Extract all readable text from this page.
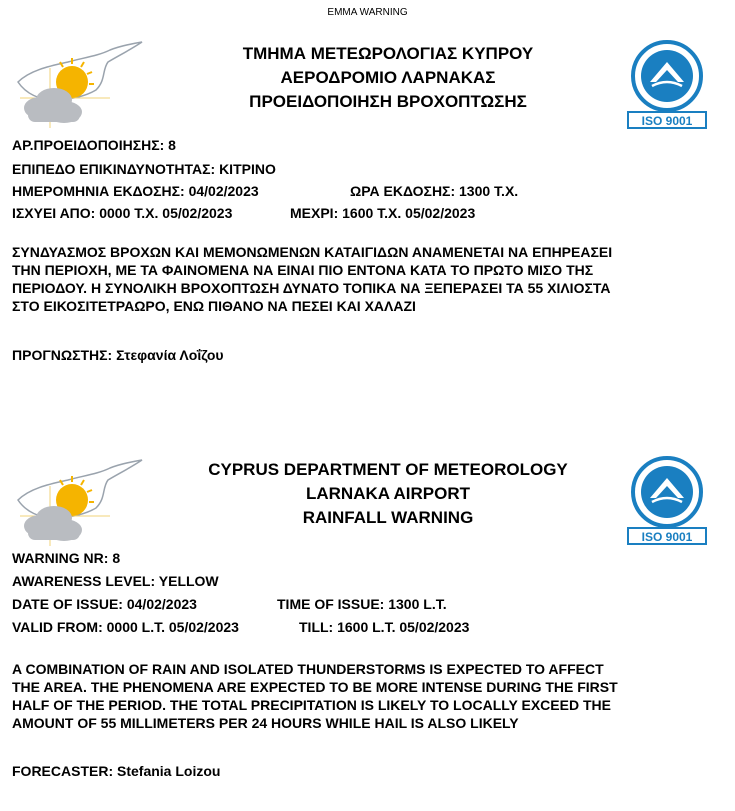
EMMA WARNING
ΤΜΗΜΑ ΜΕΤΕΩΡΟΛΟΓΙΑΣ ΚΥΠΡΟΥ
ΑΕΡΟΔΡΟΜΙΟ ΛΑΡΝΑΚΑΣ
ΠΡΟΕΙΔΟΠΟΙΗΣΗ ΒΡΟΧΟΠΤΩΣΗΣ
ISO 9001
ΑΡ.ΠΡΟΕΙΔΟΠΟΙΗΣΗΣ: 8
ΕΠΙΠΕΔΟ ΕΠΙΚΙΝΔΥΝΟΤΗΤΑΣ: ΚΙΤΡΙΝΟ
ΗΜΕΡΟΜΗΝΙΑ ΕΚΔΟΣΗΣ: 04/02/2023	ΩΡΑ ΕΚΔΟΣΗΣ: 1300 Τ.Χ.
ΙΣΧΥΕΙ ΑΠΟ: 0000 Τ.Χ. 05/02/2023	ΜΕΧΡΙ: 1600 Τ.Χ. 05/02/2023
ΣΥΝΔΥΑΣΜΟΣ ΒΡΟΧΩΝ ΚΑΙ ΜΕΜΟΝΩΜΕΝΩΝ ΚΑΤΑΙΓΙΔΩΝ ΑΝΑΜΕΝΕΤΑΙ ΝΑ ΕΠΗΡΕΑΣΕΙ
ΤΗΝ ΠΕΡΙΟΧΗ, ΜΕ ΤΑ ΦΑΙΝΟΜΕΝΑ ΝΑ ΕΙΝΑΙ ΠΙΟ ΕΝΤΟΝΑ ΚΑΤΑ ΤΟ ΠΡΩΤΟ ΜΙΣΟ ΤΗΣ
ΠΕΡΙΟΔΟΥ. Η ΣΥΝΟΛΙΚΗ ΒΡΟΧΟΠΤΩΣΗ ΔΥΝΑΤΟ ΤΟΠΙΚΑ ΝΑ ΞΕΠΕΡΑΣΕΙ ΤΑ 55 ΧΙΛΙΟΣΤΑ
ΣΤΟ ΕΙΚΟΣΙΤΕΤΡΑΩΡΟ, ΕΝΩ ΠΙΘΑΝΟ ΝΑ ΠΕΣΕΙ ΚΑΙ ΧΑΛΑΖΙ
ΠΡΟΓΝΩΣΤΗΣ: Στεφανία Λοΐζου
CYPRUS DEPARTMENT OF METEOROLOGY
LARNAKA AIRPORT
RAINFALL WARNING
ISO 9001
WARNING NR: 8
AWARENESS LEVEL: YELLOW
DATE OF ISSUE: 04/02/2023	TIME OF ISSUE: 1300 L.T.
VALID FROM: 0000 L.T. 05/02/2023	TILL: 1600 L.T. 05/02/2023
A COMBINATION OF RAIN AND ISOLATED THUNDERSTORMS IS EXPECTED TO AFFECT
THE AREA. THE PHENOMENA ARE EXPECTED TO BE MORE INTENSE DURING THE FIRST
HALF OF THE PERIOD. THE TOTAL PRECIPITATION IS LIKELY TO LOCALLY EXCEED THE
AMOUNT OF 55 MILLIMETERS PER 24 HOURS WHILE HAIL IS ALSO LIKELY
FORECASTER: Stefania Loizou
